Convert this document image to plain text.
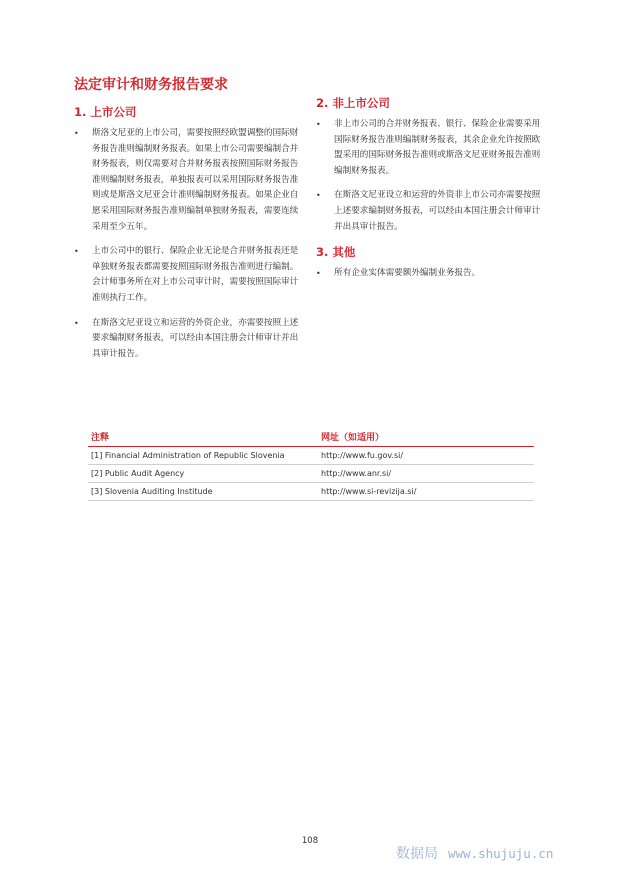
法定审计和财务报告要求
1. 上市公司
• 斯洛文尼亚的上市公司，需要按照经欧盟调整的国际财务报告准则编制财务报表。如果上市公司需要编制合并财务报表，则仅需要对合并财务报表按照国际财务报告准则编制财务报表，单独报表可以采用国际财务报告准则或是斯洛文尼亚会计准则编制财务报表。如果企业自愿采用国际财务报告准则编制单独财务报表，需要连续采用至少五年。
• 上市公司中的银行、保险企业无论是合并财务报表还是单独财务报表都需要按照国际财务报告准则进行编制。会计师事务所在对上市公司审计时，需要按照国际审计准则执行工作。
• 在斯洛文尼亚设立和运营的外资企业，亦需要按照上述要求编制财务报表，可以经由本国注册会计师审计并出具审计报告。
2. 非上市公司
• 非上市公司的合并财务报表、银行、保险企业需要采用国际财务报告准则编制财务报表，其余企业允许按照欧盟采用的国际财务报告准则或斯洛文尼亚财务报告准则编制财务报表。
• 在斯洛文尼亚设立和运营的外资非上市公司亦需要按照上述要求编制财务报表，可以经由本国注册会计师审计并出具审计报告。
3. 其他
• 所有企业实体需要额外编制业务报告。
注释	网址（如适用）
[1] Financial Administration of Republic Slovenia	http://www.fu.gov.si/
[2] Public Audit Agency	http://www.anr.si/
[3] Slovenia Auditing Institude	http://www.si-revizija.si/
108
数据局 www.shujuju.cn
